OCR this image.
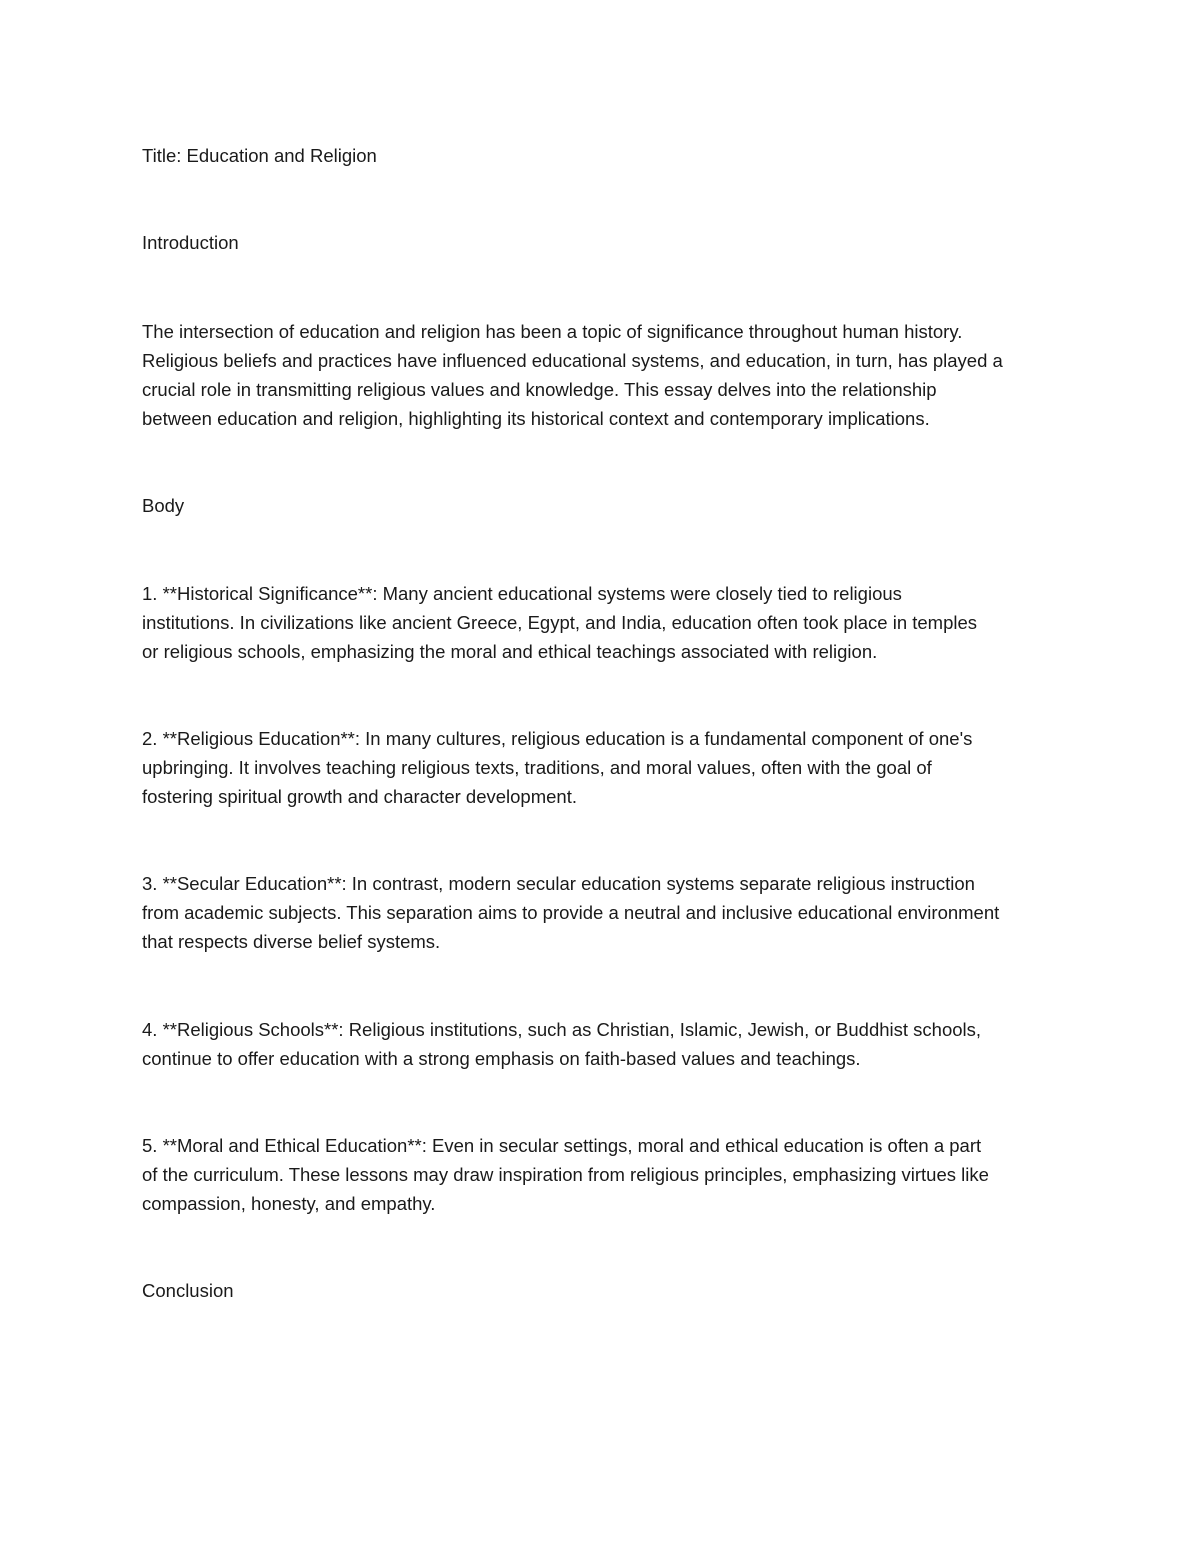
Title: Education and Religion

Introduction

The intersection of education and religion has been a topic of significance throughout human history.
Religious beliefs and practices have influenced educational systems, and education, in turn, has played a
crucial role in transmitting religious values and knowledge. This essay delves into the relationship
between education and religion, highlighting its historical context and contemporary implications.

Body

1. **Historical Significance**: Many ancient educational systems were closely tied to religious
institutions. In civilizations like ancient Greece, Egypt, and India, education often took place in temples
or religious schools, emphasizing the moral and ethical teachings associated with religion.

2. **Religious Education**: In many cultures, religious education is a fundamental component of one's
upbringing. It involves teaching religious texts, traditions, and moral values, often with the goal of
fostering spiritual growth and character development.

3. **Secular Education**: In contrast, modern secular education systems separate religious instruction
from academic subjects. This separation aims to provide a neutral and inclusive educational environment
that respects diverse belief systems.

4. **Religious Schools**: Religious institutions, such as Christian, Islamic, Jewish, or Buddhist schools,
continue to offer education with a strong emphasis on faith-based values and teachings.

5. **Moral and Ethical Education**: Even in secular settings, moral and ethical education is often a part
of the curriculum. These lessons may draw inspiration from religious principles, emphasizing virtues like
compassion, honesty, and empathy.

Conclusion
